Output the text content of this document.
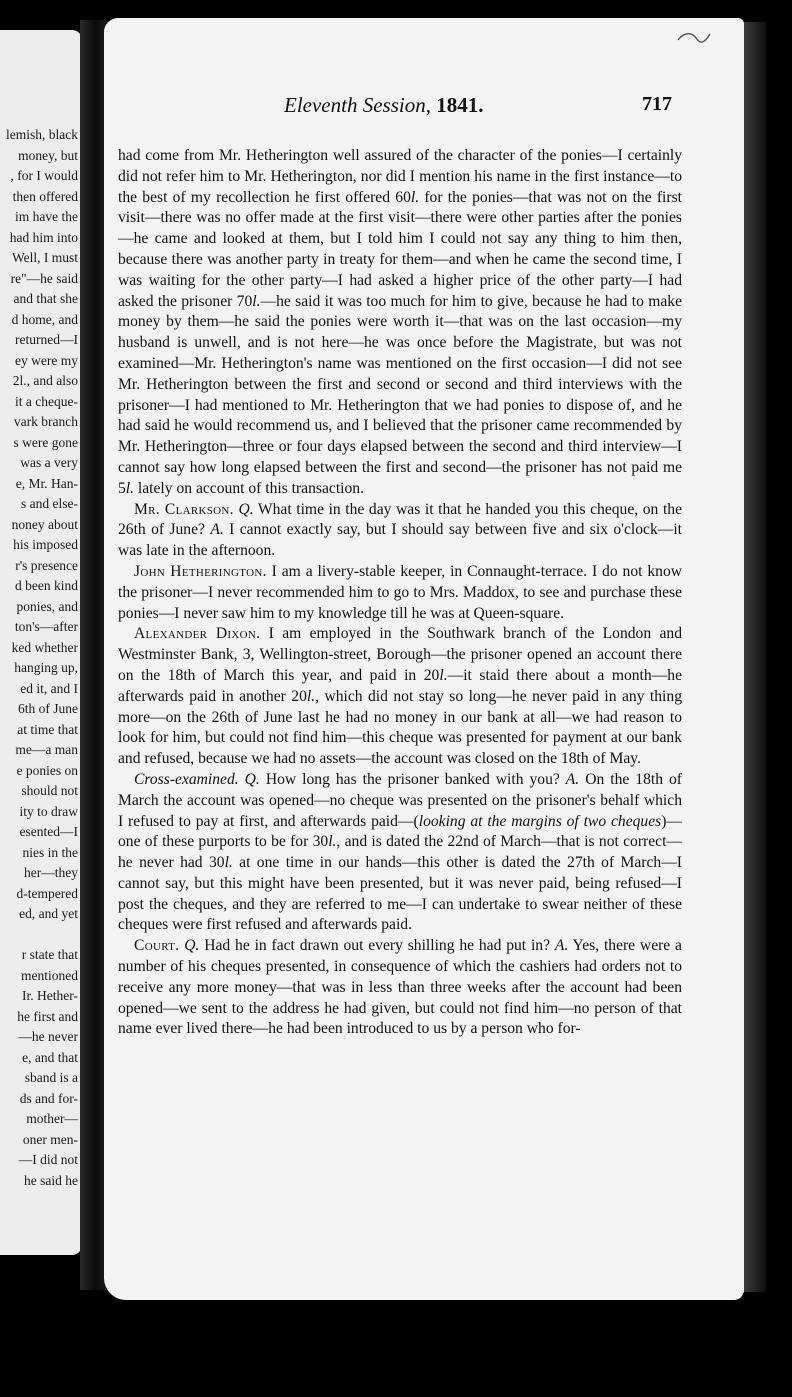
lemish, black
money, but
, for I would
then offered
im have the
had him into
Well, I must
re"—he said
and that she
d home, and
returned—I
ey were my
2l., and also
it a cheque-
vark branch
s were gone
was a very
e, Mr. Han-
s and else-
noney about
his imposed
r's presence
d been kind
ponies, and
ton's—after
ked whether
hanging up,
ed it, and I
6th of June
at time that
me—a man
e ponies on
should not
ity to draw
esented—I
nies in the
her—they
d-tempered
ed, and yet
r state that
mentioned
Ir. Hether-
he first and
—he never
e, and that
sband is a
ds and for-
mother—
oner men-
—I did not
he said he
Eleventh Session, 1841.	717

had come from Mr. Hetherington well assured of the character of the ponies—I certainly did not refer him to Mr. Hetherington, nor did I mention his name in the first instance—to the best of my recollection he first offered 60l. for the ponies—that was not on the first visit—there was no offer made at the first visit—there were other parties after the ponies—he came and looked at them, but I told him I could not say any thing to him then, because there was another party in treaty for them—and when he came the second time, I was waiting for the other party—I had asked a higher price of the other party—I had asked the prisoner 70l.—he said it was too much for him to give, because he had to make money by them—he said the ponies were worth it—that was on the last occasion—my husband is unwell, and is not here—he was once before the Magistrate, but was not examined—Mr. Hetherington's name was mentioned on the first occasion—I did not see Mr. Hetherington between the first and second or second and third interviews with the prisoner—I had mentioned to Mr. Hetherington that we had ponies to dispose of, and he had said he would recommend us, and I believed that the prisoner came recommended by Mr. Hetherington—three or four days elapsed between the second and third interview—I cannot say how long elapsed between the first and second—the prisoner has not paid me 5l. lately on account of this transaction.

Mr. Clarkson. Q. What time in the day was it that he handed you this cheque, on the 26th of June? A. I cannot exactly say, but I should say between five and six o'clock—it was late in the afternoon.

John Hetherington. I am a livery-stable keeper, in Connaught-terrace. I do not know the prisoner—I never recommended him to go to Mrs. Maddox, to see and purchase these ponies—I never saw him to my knowledge till he was at Queen-square.

Alexander Dixon. I am employed in the Southwark branch of the London and Westminster Bank, 3, Wellington-street, Borough—the prisoner opened an account there on the 18th of March this year, and paid in 20l.—it staid there about a month—he afterwards paid in another 20l., which did not stay so long—he never paid in any thing more—on the 26th of June last he had no money in our bank at all—we had reason to look for him, but could not find him—this cheque was presented for payment at our bank and refused, because we had no assets—the account was closed on the 18th of May.

Cross-examined. Q. How long has the prisoner banked with you? A. On the 18th of March the account was opened—no cheque was presented on the prisoner's behalf which I refused to pay at first, and afterwards paid—(looking at the margins of two cheques)—one of these purports to be for 30l., and is dated the 22nd of March—that is not correct—he never had 30l. at one time in our hands—this other is dated the 27th of March—I cannot say, but this might have been presented, but it was never paid, being refused—I post the cheques, and they are referred to me—I can undertake to swear neither of these cheques were first refused and afterwards paid.

Court. Q. Had he in fact drawn out every shilling he had put in? A. Yes, there were a number of his cheques presented, in consequence of which the cashiers had orders not to receive any more money—that was in less than three weeks after the account had been opened—we sent to the address he had given, but could not find him—no person of that name ever lived there—he had been introduced to us by a person who for-
